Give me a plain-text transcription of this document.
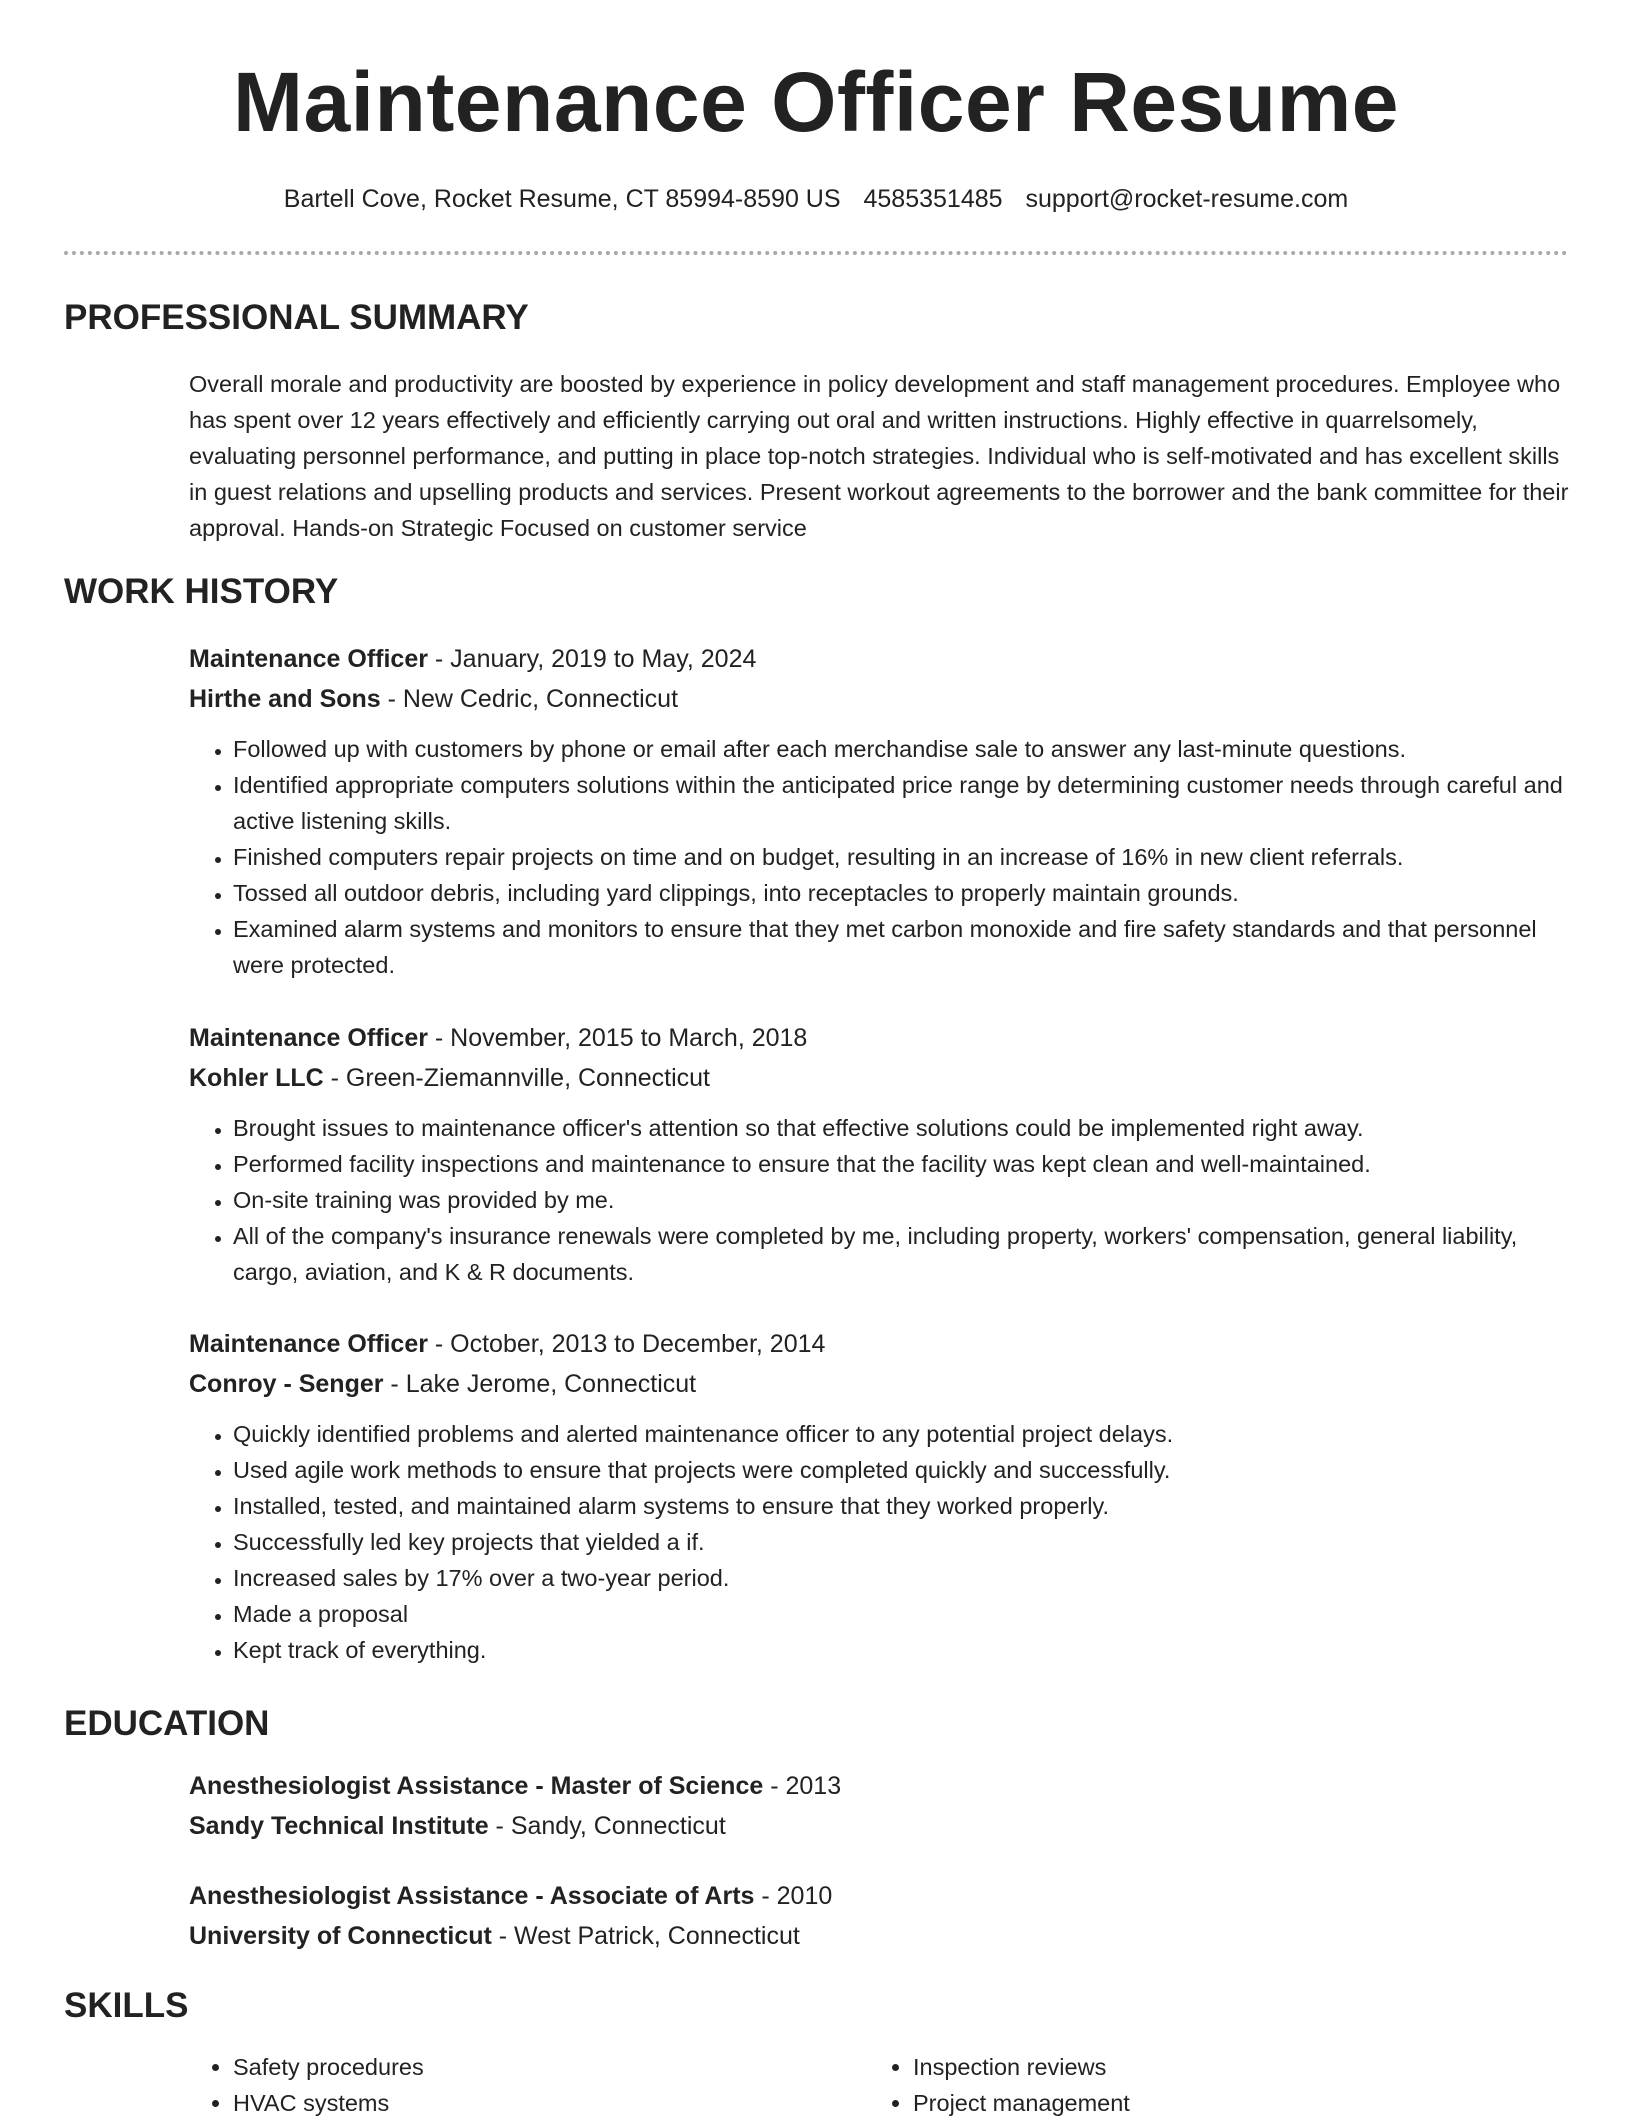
Maintenance Officer Resume
Bartell Cove, Rocket Resume, CT 85994-8590 US 4585351485 support@rocket-resume.com
PROFESSIONAL SUMMARY

Overall morale and productivity are boosted by experience in policy development and staff management procedures. Employee who has spent over 12 years effectively and efficiently carrying out oral and written instructions. Highly effective in quarrelsomely, evaluating personnel performance, and putting in place top-notch strategies. Individual who is self-motivated and has excellent skills in guest relations and upselling products and services. Present workout agreements to the borrower and the bank committee for their approval. Hands-on Strategic Focused on customer service

WORK HISTORY

Maintenance Officer - January, 2019 to May, 2024

Hirthe and Sons - New Cedric, Connecticut

• Followed up with customers by phone or email after each merchandise sale to answer any last-minute questions.
• Identified appropriate computers solutions within the anticipated price range by determining customer needs through careful and active listening skills.
• Finished computers repair projects on time and on budget, resulting in an increase of 16% in new client referrals.
• Tossed all outdoor debris, including yard clippings, into receptacles to properly maintain grounds.
• Examined alarm systems and monitors to ensure that they met carbon monoxide and fire safety standards and that personnel were protected.

Maintenance Officer - November, 2015 to March, 2018

Kohler LLC - Green-Ziemannville, Connecticut

• Brought issues to maintenance officer's attention so that effective solutions could be implemented right away.
• Performed facility inspections and maintenance to ensure that the facility was kept clean and well-maintained.
• On-site training was provided by me.
• All of the company's insurance renewals were completed by me, including property, workers' compensation, general liability, cargo, aviation, and K & R documents.

Maintenance Officer - October, 2013 to December, 2014

Conroy - Senger - Lake Jerome, Connecticut

• Quickly identified problems and alerted maintenance officer to any potential project delays.
• Used agile work methods to ensure that projects were completed quickly and successfully.
• Installed, tested, and maintained alarm systems to ensure that they worked properly.
• Successfully led key projects that yielded a if.
• Increased sales by 17% over a two-year period.
• Made a proposal
• Kept track of everything.
EDUCATION

Anesthesiologist Assistance - Master of Science - 2013

Sandy Technical Institute - Sandy, Connecticut

Anesthesiologist Assistance - Associate of Arts - 2010

University of Connecticut - West Patrick, Connecticut

SKILLS
• Safety procedures	• Inspection reviews
• HVAC systems	• Project management
